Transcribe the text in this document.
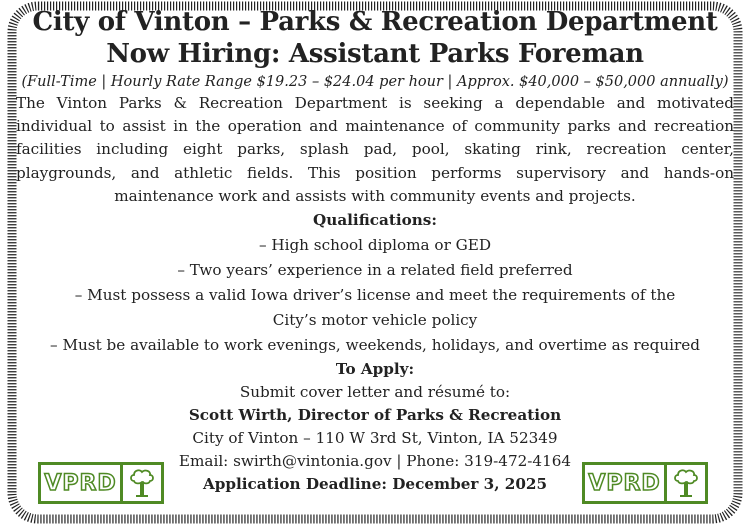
City of Vinton – Parks & Recreation Department
Now Hiring: Assistant Parks Foreman
(Full-Time | Hourly Rate Range $19.23 – $24.04 per hour | Approx. $40,000 – $50,000 annually)
The Vinton Parks & Recreation Department is seeking a dependable and motivated individual to assist in the operation and maintenance of community parks and recreation facilities including eight parks, splash pad, pool, skating rink, recreation center, playgrounds, and athletic fields. This position performs supervisory and hands-on maintenance work and assists with community events and projects.
Qualifications:
– High school diploma or GED
– Two years’ experience in a related field preferred
– Must possess a valid Iowa driver’s license and meet the requirements of the City’s motor vehicle policy
– Must be available to work evenings, weekends, holidays, and overtime as required
To Apply:
Submit cover letter and résumé to:
Scott Wirth, Director of Parks & Recreation
City of Vinton – 110 W 3rd St, Vinton, IA 52349
Email: swirth@vintonia.gov | Phone: 319-472-4164
Application Deadline: December 3, 2025
VPRD	VPRD
